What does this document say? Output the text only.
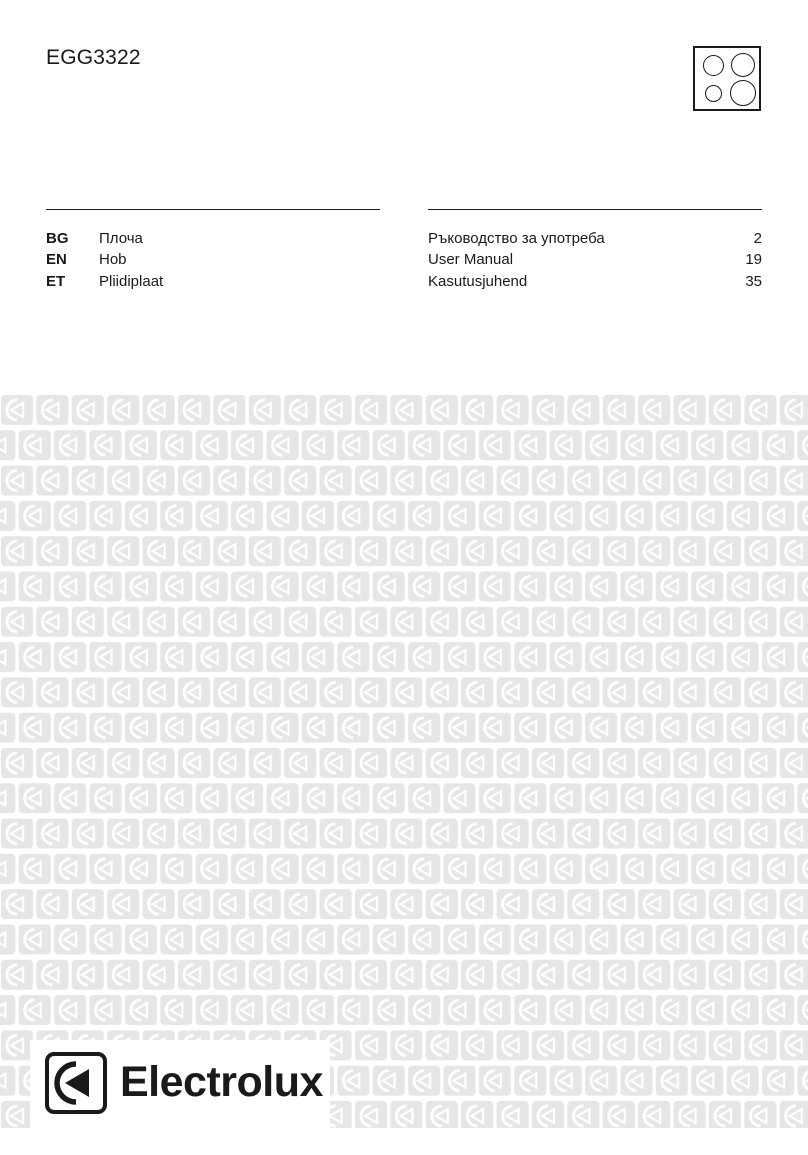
EGG3322
BG Плоча	Ръководство за употреба	2
EN Hob	User Manual	19
ET Pliidiplaat	Kasutusjuhend	35
Electrolux
